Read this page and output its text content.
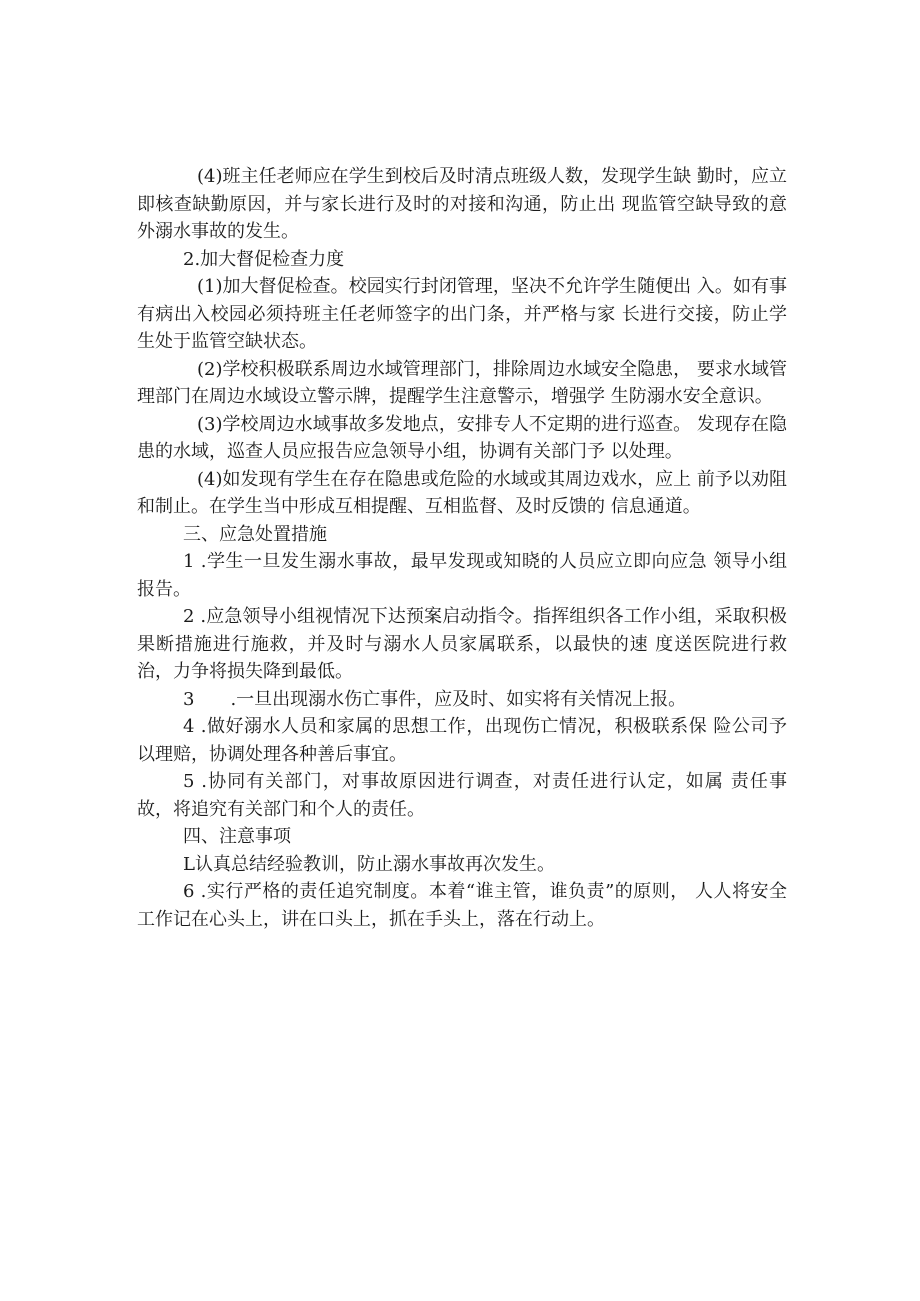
(4)班主任老师应在学生到校后及时清点班级人数，发现学生缺 勤时，应立即核查缺勤原因，并与家长进行及时的对接和沟通，防止出 现监管空缺导致的意外溺水事故的发生。

2.加大督促检查力度

(1)加大督促检查。校园实行封闭管理，坚决不允许学生随便出 入。如有事有病出入校园必须持班主任老师签字的出门条，并严格与家 长进行交接，防止学生处于监管空缺状态。

(2)学校积极联系周边水域管理部门，排除周边水域安全隐患， 要求水域管理部门在周边水域设立警示牌，提醒学生注意警示，增强学 生防溺水安全意识。

(3)学校周边水域事故多发地点，安排专人不定期的进行巡查。 发现存在隐患的水域，巡查人员应报告应急领导小组，协调有关部门予 以处理。

(4)如发现有学生在存在隐患或危险的水域或其周边戏水，应上 前予以劝阻和制止。在学生当中形成互相提醒、互相监督、及时反馈的 信息通道。

三、应急处置措施

1 .学生一旦发生溺水事故，最早发现或知晓的人员应立即向应急 领导小组报告。

2 .应急领导小组视情况下达预案启动指令。指挥组织各工作小组，采取积极果断措施进行施救，并及时与溺水人员家属联系，以最快的速 度送医院进行救治，力争将损失降到最低。

3　　.一旦出现溺水伤亡事件，应及时、如实将有关情况上报。

4 .做好溺水人员和家属的思想工作，出现伤亡情况，积极联系保 险公司予以理赔，协调处理各种善后事宜。

5 .协同有关部门，对事故原因进行调查，对责任进行认定，如属 责任事故，将追究有关部门和个人的责任。

四、注意事项

L认真总结经验教训，防止溺水事故再次发生。

6 .实行严格的责任追究制度。本着“谁主管，谁负责”的原则， 人人将安全工作记在心头上，讲在口头上，抓在手头上，落在行动上。
